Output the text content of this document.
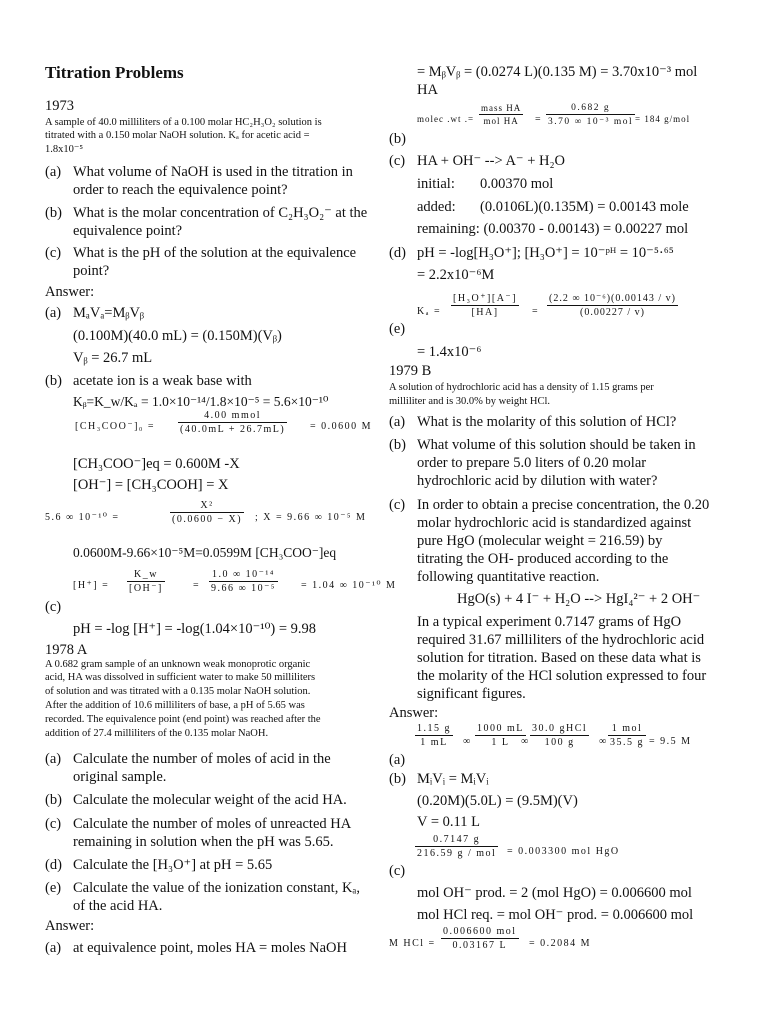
Titration Problems
1973
A sample of 40.0 milliliters of a 0.100 molar HC₂H₃O₂ solution is
titrated with a 0.150 molar NaOH solution. Kₐ for acetic acid =
1.8x10⁻⁵
(a) What volume of NaOH is used in the titration in
order to reach the equivalence point?
(b) What is the molar concentration of C₂H₃O₂⁻ at the
equivalence point?
(c) What is the pH of the solution at the equivalence
point?
Answer:
(a) MₐVₐ=MᵦVᵦ
(0.100M)(40.0 mL) = (0.150M)(Vᵦ)
Vᵦ = 26.7 mL
(b) acetate ion is a weak base with
Kᵦ=K_w/Kₐ = 1.0×10⁻¹⁴/1.8×10⁻⁵ = 5.6×10⁻¹⁰
[CH₃COO⁻]₀ =
4.00 mmol
(40.0mL + 26.7mL) = 0.0600 M
[CH₃COO⁻]eq = 0.600M -X
[OH⁻] = [CH₃COOH] = X
5.6 ∞ 10⁻¹⁰ =	$\frac{\text{X²}}{(0.0600 - X)}$ ; X = 9.66 ∞ 10⁻⁵ M
0.0600M-9.66×10⁻⁵M=0.0599M [CH₃COO⁻]eq
$[H^+] = \frac{K\_w}{[OH^-]}$	= $\frac{\text{1.0 ∞ 10⁻¹⁴}}{\text{9.66 ∞ 10⁻⁵}} = 1.04$ ∞ 10⁻¹⁰ M
(c)
pH = -log [H⁺] = -log(1.04×10⁻¹⁰) = 9.98
1978 A
A 0.682 gram sample of an unknown weak monoprotic organic
acid, HA was dissolved in sufficient water to make 50 milliliters
of solution and was titrated with a 0.135 molar NaOH solution.
After the addition of 10.6 milliliters of base, a pH of 5.65 was
recorded. The equivalence point (end point) was reached after the
addition of 27.4 milliliters of the 0.135 molar NaOH.
(a) Calculate the number of moles of acid in the
original sample.
(b) Calculate the molecular weight of the acid HA.
(c) Calculate the number of moles of unreacted HA
remaining in solution when the pH was 5.65.
(d) Calculate the [H₃O⁺] at pH = 5.65
(e) Calculate the value of the ionization constant, Kₐ,
of the acid HA.
Answer:
(a) at equivalence point, moles HA = moles NaOH
= MᵦVᵦ = (0.0274 L)(0.135 M) = 3.70x10⁻³ mol
HA
molec .wt .=
mass HA
mol HA	=
0.682 g
3.70 ∞ 10⁻³ mol = 184 g/mol
(b)
(c) HA + OH⁻ --> A⁻ + H₂O
initial: 0.00370 mol
added: (0.0106L)(0.135M) = 0.00143 mole
remaining: (0.00370 - 0.00143) = 0.00227 mol
(d) pH = -log[H₃O⁺]; [H₃O⁺] = 10⁻ᵖᴴ = 10⁻⁵·⁶⁵
= 2.2x10⁻⁶M
$K_a = \frac{\text{[H₃O⁺][A⁻]}}{[HA]} = \frac{\text{(2.2 ∞ 10⁻⁶)(0.00143 / v)}}{(0.00227 / v)}$
(e)
= 1.4x10⁻⁶
1979 B
A solution of hydrochloric acid has a density of 1.15 grams per
milliliter and is 30.0% by weight HCl.
(a) What is the molarity of this solution of HCl?
(b) What volume of this solution should be taken in
order to prepare 5.0 liters of 0.20 molar
hydrochloric acid by dilution with water?
(c) In order to obtain a precise concentration, the 0.20
molar hydrochloric acid is standardized against
pure HgO (molecular weight = 216.59) by
titrating the OH- produced according to the
following quantitative reaction.
HgO(s) + 4 I⁻ + H₂O --> HgI₄²⁻ + 2 OH⁻
In a typical experiment 0.7147 grams of HgO
required 31.67 milliliters of the hydrochloric acid
solution for titration. Based on these data what is
the molarity of the HCl solution expressed to four
significant figures.
Answer:
$\frac{1.15 g}{1 mL}$ ∞ $\frac{1000 mL}{1 L}$
∞
30.0 gHCl
100 g	∞
1 mol
35.5 g = 9.5 M
(a)
(b) MᵢVᵢ = MᵢVᵢ
(0.20M)(5.0L) = (9.5M)(V)
V = 0.11 L
0.7147 g
216.59 g / mol = 0.003300 mol HgO
(c)
mol OH⁻ prod. = 2 (mol HgO) = 0.006600 mol
mol HCl req. = mol OH⁻ prod. = 0.006600 mol
M HCl =
0.006600 mol
0.03167 L	= 0.2084 M
